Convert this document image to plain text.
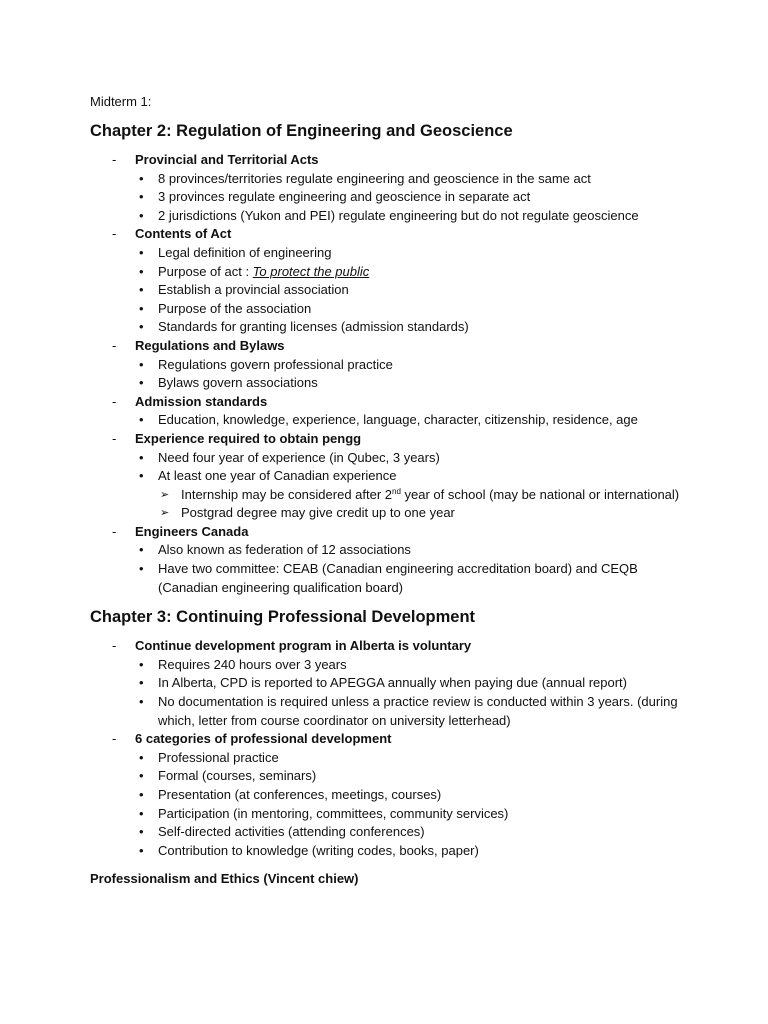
Midterm 1:
Chapter 2: Regulation of Engineering and Geoscience
- Provincial and Territorial Acts
• 8 provinces/territories regulate engineering and geoscience in the same act
• 3 provinces regulate engineering and geoscience in separate act
• 2 jurisdictions (Yukon and PEI) regulate engineering but do not regulate geoscience
- Contents of Act
• Legal definition of engineering
• Purpose of act : To protect the public
• Establish a provincial association
• Purpose of the association
• Standards for granting licenses (admission standards)
- Regulations and Bylaws
• Regulations govern professional practice
• Bylaws govern associations
- Admission standards
• Education, knowledge, experience, language, character, citizenship, residence, age
- Experience required to obtain pengg
• Need four year of experience (in Qubec, 3 years)
• At least one year of Canadian experience
➢ Internship may be considered after 2nd year of school (may be national or international)
➢ Postgrad degree may give credit up to one year
- Engineers Canada
• Also known as federation of 12 associations
• Have two committee: CEAB (Canadian engineering accreditation board) and CEQB (Canadian engineering qualification board)
Chapter 3: Continuing Professional Development
- Continue development program in Alberta is voluntary
• Requires 240 hours over 3 years
• In Alberta, CPD is reported to APEGGA annually when paying due (annual report)
• No documentation is required unless a practice review is conducted within 3 years. (during which, letter from course coordinator on university letterhead)
- 6 categories of professional development
• Professional practice
• Formal (courses, seminars)
• Presentation (at conferences, meetings, courses)
• Participation (in mentoring, committees, community services)
• Self-directed activities (attending conferences)
• Contribution to knowledge (writing codes, books, paper)
Professionalism and Ethics (Vincent chiew)
